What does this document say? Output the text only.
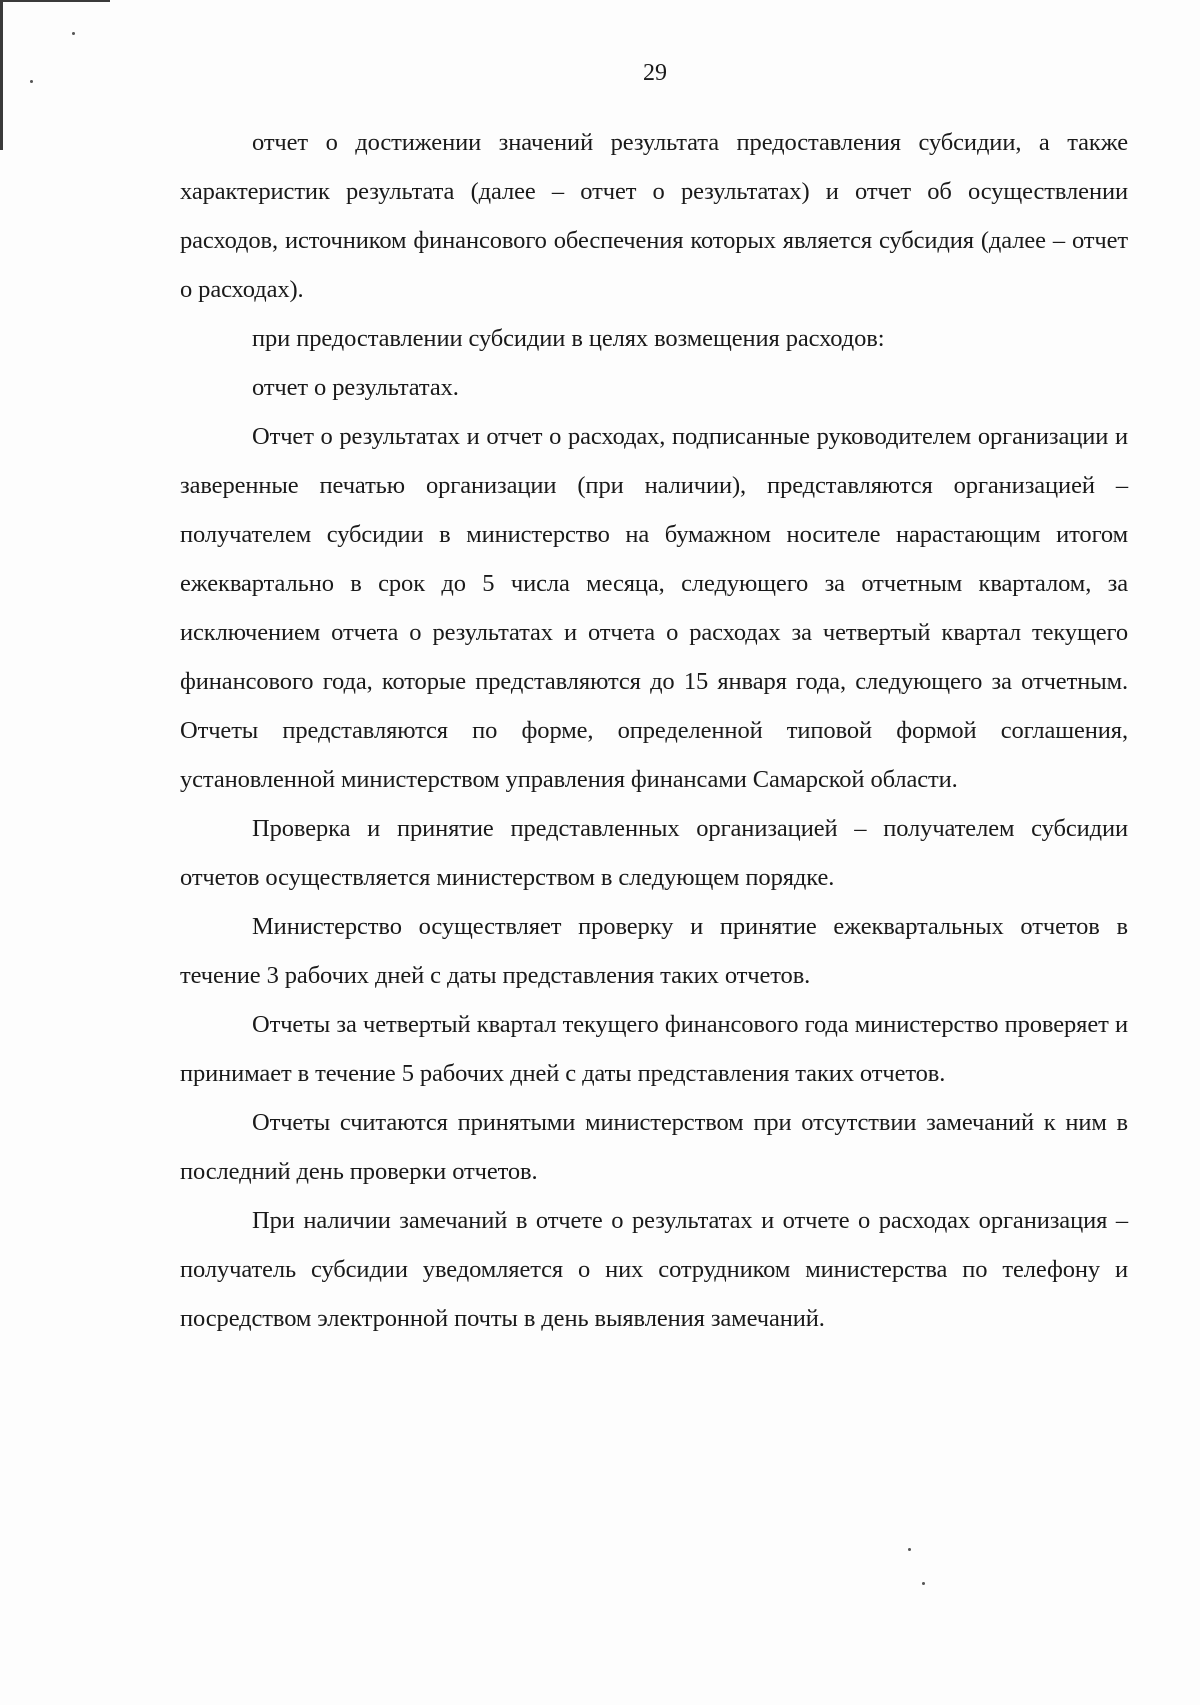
29

отчет о достижении значений результата предоставления субсидии, а также характеристик результата (далее – отчет о результатах) и отчет об осуществлении расходов, источником финансового обеспечения которых является субсидия (далее – отчет о расходах).

при предоставлении субсидии в целях возмещения расходов:

отчет о результатах.

Отчет о результатах и отчет о расходах, подписанные руководителем организации и заверенные печатью организации (при наличии), представляются организацией – получателем субсидии в министерство на бумажном носителе нарастающим итогом ежеквартально в срок до 5 числа месяца, следующего за отчетным кварталом, за исключением отчета о результатах и отчета о расходах за четвертый квартал текущего финансового года, которые представляются до 15 января года, следующего за отчетным. Отчеты представляются по форме, определенной типовой формой соглашения, установленной министерством управления финансами Самарской области.

Проверка и принятие представленных организацией – получателем субсидии отчетов осуществляется министерством в следующем порядке.

Министерство осуществляет проверку и принятие ежеквартальных отчетов в течение 3 рабочих дней с даты представления таких отчетов.

Отчеты за четвертый квартал текущего финансового года министерство проверяет и принимает в течение 5 рабочих дней с даты представления таких отчетов.

Отчеты считаются принятыми министерством при отсутствии замечаний к ним в последний день проверки отчетов.

При наличии замечаний в отчете о результатах и отчете о расходах организация – получатель субсидии уведомляется о них сотрудником министерства по телефону и посредством электронной почты в день выявления замечаний.
